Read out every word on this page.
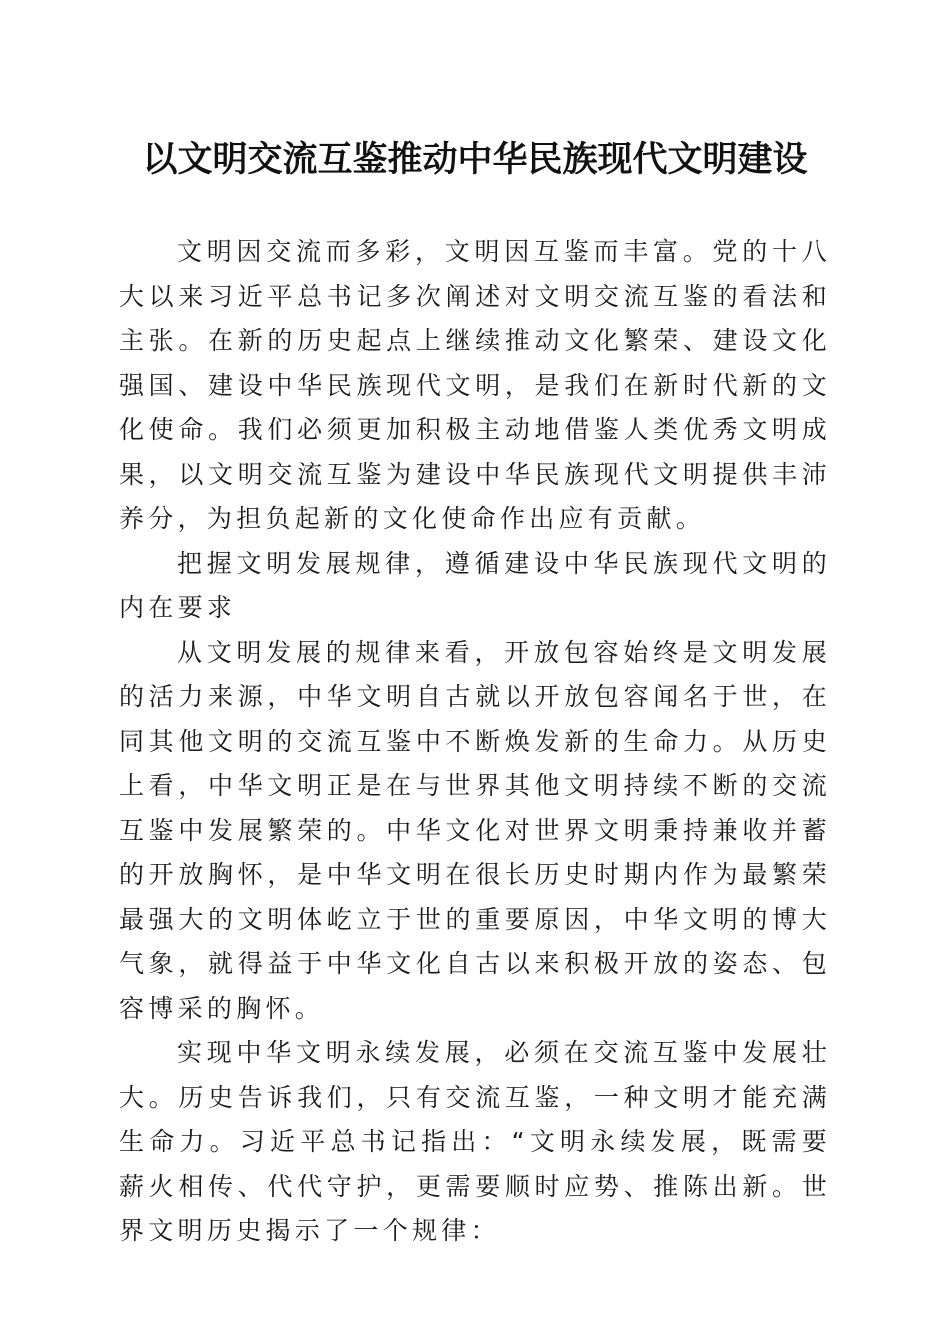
以文明交流互鉴推动中华民族现代文明建设

文明因交流而多彩，文明因互鉴而丰富。党的十八大以来习近平总书记多次阐述对文明交流互鉴的看法和主张。在新的历史起点上继续推动文化繁荣、建设文化强国、建设中华民族现代文明，是我们在新时代新的文化使命。我们必须更加积极主动地借鉴人类优秀文明成果，以文明交流互鉴为建设中华民族现代文明提供丰沛养分，为担负起新的文化使命作出应有贡献。

把握文明发展规律，遵循建设中华民族现代文明的内在要求

从文明发展的规律来看，开放包容始终是文明发展的活力来源，中华文明自古就以开放包容闻名于世，在同其他文明的交流互鉴中不断焕发新的生命力。从历史上看，中华文明正是在与世界其他文明持续不断的交流互鉴中发展繁荣的。中华文化对世界文明秉持兼收并蓄的开放胸怀，是中华文明在很长历史时期内作为最繁荣最强大的文明体屹立于世的重要原因，中华文明的博大气象，就得益于中华文化自古以来积极开放的姿态、包容博采的胸怀。

实现中华文明永续发展，必须在交流互鉴中发展壮大。历史告诉我们，只有交流互鉴，一种文明才能充满生命力。习近平总书记指出：“文明永续发展，既需要薪火相传、代代守护，更需要顺时应势、推陈出新。世界文明历史揭示了一个规律：
